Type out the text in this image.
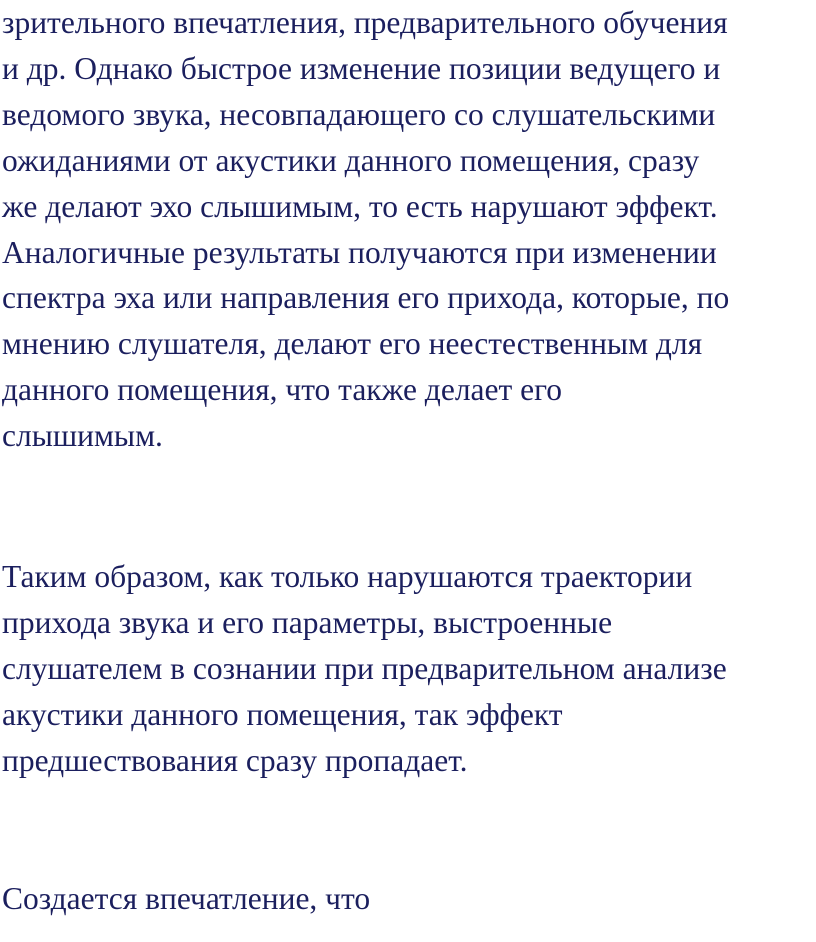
зрительного впечатления, предварительного обучения
и др. Однако быстрое изменение позиции ведущего и
ведомого звука, несовпадающего со слушательскими
ожиданиями от акустики данного помещения, сразу
же делают эхо слышимым, то есть нарушают эффект.
Аналогичные результаты получаются при изменении
спектра эха или направления его прихода, которые, по
мнению слушателя, делают его неестественным для
данного помещения, что также делает его
слышимым.

Таким образом, как только нарушаются траектории
прихода звука и его параметры, выстроенные
слушателем в сознании при предварительном анализе
акустики данного помещения, так эффект
предшествования сразу пропадает.

Создается впечатление, что
